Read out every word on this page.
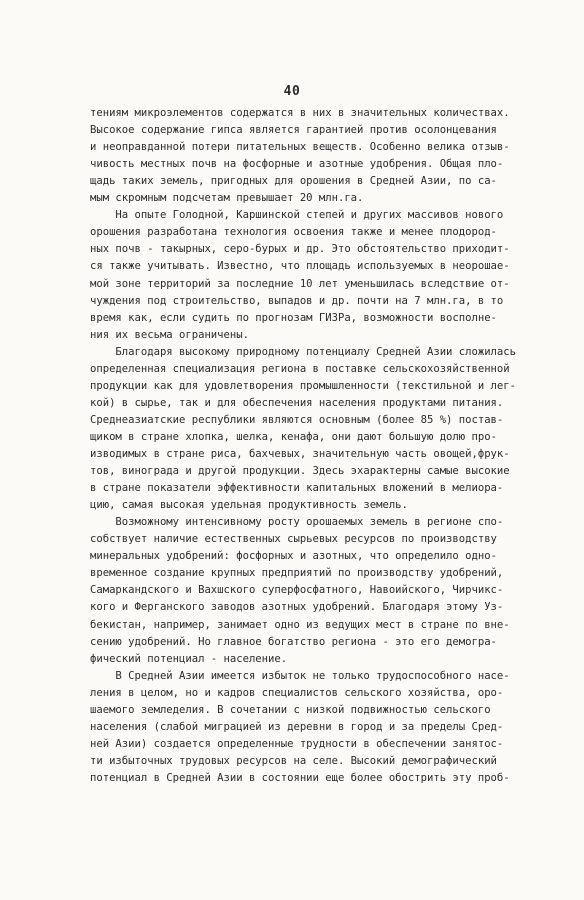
40
тениям микроэлементов содержатся в них в значительных количествах.
Высокое содержание гипса является гарантией против осолонцевания
и неоправданной потери питательных веществ. Особенно велика отзыв-
чивость местных почв на фосфорные и азотные удобрения. Общая пло-
щадь таких земель, пригодных для орошения в Средней Азии, по са-
мым скромным подсчетам превышает 20 млн.га.
На опыте Голодной, Каршинской степей и других массивов нового
орошения разработана технология освоения также и менее плодород-
ных почв - такырных, серо-бурых и др. Это обстоятельство приходит-
ся также учитывать. Известно, что площадь используемых в неорошае-
мой зоне территорий за последние 10 лет уменьшилась вследствие от-
чуждения под строительство, выпадов и др. почти на 7 млн.га, в то
время как, если судить по прогнозам ГИЗРа, возможности восполне-
ния их весьма ограничены.
Благодаря высокому природному потенциалу Средней Азии сложилась
определенная специализация региона в поставке сельскохозяйственной
продукции как для удовлетворения промышленности (текстильной и лег-
кой) в сырье, так и для обеспечения населения продуктами питания.
Среднеазиатские республики являются основным (более 85 %) постав-
щиком в стране хлопка, шелка, кенафа, они дают большую долю про-
изводимых в стране риса, бахчевых, значительную часть овощей,фрук-
тов, винограда и другой продукции. Здесь эхарактерны самые высокие
в стране показатели эффективности капитальных вложений в мелиора-
цию, самая высокая удельная продуктивность земель.
Возможному интенсивному росту орошаемых земель в регионе спо-
собствует наличие естественных сырьевых ресурсов по производству
минеральных удобрений: фосфорных и азотных, что определило одно-
временное создание крупных предприятий по производству удобрений,
Самаркандского и Вахшского суперфосфатного, Навоийского, Чирчикс-
кого и Ферганского заводов азотных удобрений. Благодаря этому Уз-
бекистан, например, занимает одно из ведущих мест в стране по вне-
сению удобрений. Но главное богатство региона - это его демогра-
фический потенциал - население.
В Средней Азии имеется избыток не только трудоспособного насе-
ления в целом, но и кадров специалистов сельского хозяйства, оро-
шаемого земледелия. В сочетании с низкой подвижностью сельского
населения (слабой миграцией из деревни в город и за пределы Сред-
ней Азии) создается определенные трудности в обеспечении занятос-
ти избыточных трудовых ресурсов на селе. Высокий демографический
потенциал в Средней Азии в состоянии еще более обострить эту проб-
